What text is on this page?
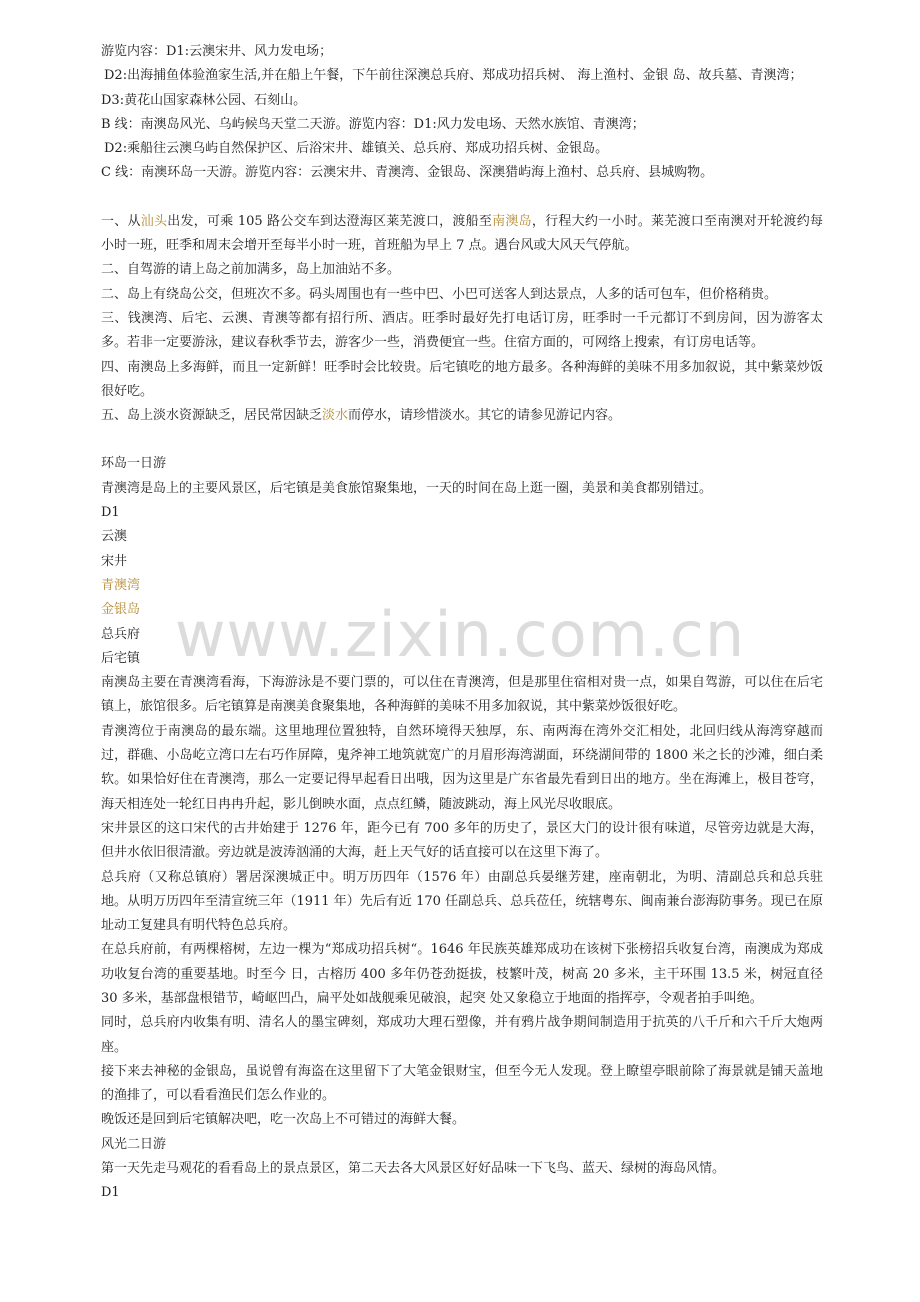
www.zixin.com.cn
游览内容：D1:云澳宋井、风力发电场；
D2:出海捕鱼体验渔家生活,并在船上午餐，下午前往深澳总兵府、郑成功招兵树、 海上渔村、金银 岛、故兵墓、青澳湾；
D3:黄花山国家森林公园、石刻山。
B 线：南澳岛风光、乌屿候鸟天堂二天游。游览内容：D1:风力发电场、天然水族馆、青澳湾；
D2:乘船往云澳乌屿自然保护区、后浴宋井、雄镇关、总兵府、郑成功招兵树、金银岛。
C 线：南澳环岛一天游。游览内容：云澳宋井、青澳湾、金银岛、深澳猎屿海上渔村、总兵府、县城购物。
一、从汕头出发，可乘 105 路公交车到达澄海区莱芜渡口，渡船至南澳岛，行程大约一小时。莱芜渡口至南澳对开轮渡约每小时一班，旺季和周末会增开至每半小时一班，首班船为早上 7 点。遇台风或大风天气停航。
二、自驾游的请上岛之前加满多，岛上加油站不多。
二、岛上有绕岛公交，但班次不多。码头周围也有一些中巴、小巴可送客人到达景点，人多的话可包车，但价格稍贵。
三、钱澳湾、后宅、云澳、青澳等都有招行所、酒店。旺季时最好先打电话订房，旺季时一千元都订不到房间，因为游客太多。若非一定要游泳，建议春秋季节去，游客少一些，消费便宜一些。住宿方面的，可网络上搜索，有订房电话等。
四、南澳岛上多海鲜，而且一定新鲜！旺季时会比较贵。后宅镇吃的地方最多。各种海鲜的美味不用多加叙说，其中紫菜炒饭很好吃。
五、岛上淡水资源缺乏，居民常因缺乏淡水而停水，请珍惜淡水。其它的请参见游记内容。
环岛一日游
青澳湾是岛上的主要风景区，后宅镇是美食旅馆聚集地，一天的时间在岛上逛一圈，美景和美食都别错过。
D1
云澳
宋井
青澳湾
金银岛
总兵府
后宅镇
南澳岛主要在青澳湾看海，下海游泳是不要门票的，可以住在青澳湾，但是那里住宿相对贵一点，如果自驾游，可以住在后宅镇上，旅馆很多。后宅镇算是南澳美食聚集地，各种海鲜的美味不用多加叙说，其中紫菜炒饭很好吃。
青澳湾位于南澳岛的最东端。这里地理位置独特，自然环境得天独厚，东、南两海在湾外交汇相处，北回归线从海湾穿越而过，群礁、小岛屹立湾口左右巧作屏障，鬼斧神工地筑就宽广的月眉形海湾湖面，环绕湖间带的 1800 米之长的沙滩，细白柔软。如果恰好住在青澳湾，那么一定要记得早起看日出哦，因为这里是广东省最先看到日出的地方。坐在海滩上，极目苍穹，海天相连处一轮红日冉冉升起，影儿倒映水面，点点红鳞，随波跳动，海上风光尽收眼底。
宋井景区的这口宋代的古井始建于 1276 年，距今已有 700 多年的历史了，景区大门的设计很有味道，尽管旁边就是大海，但井水依旧很清澈。旁边就是波涛汹涌的大海，赶上天气好的话直接可以在这里下海了。
总兵府（又称总镇府）署居深澳城正中。明万历四年（1576 年）由副总兵晏继芳建，座南朝北，为明、清副总兵和总兵驻地。从明万历四年至清宣统三年（1911 年）先后有近 170 任副总兵、总兵莅任，统辖粤东、闽南兼台澎海防事务。现已在原址动工复建具有明代特色总兵府。
在总兵府前，有两棵榕树，左边一棵为“郑成功招兵树“。1646 年民族英雄郑成功在该树下张榜招兵收复台湾，南澳成为郑成功收复台湾的重要基地。时至今 日，古榕历 400 多年仍苍劲挺拔，枝繁叶茂，树高 20 多米，主干环围 13.5 米，树冠直径 30 多米，基部盘根错节，崎岖凹凸，扁平处如战舰乘见破浪，起突 处又象稳立于地面的指挥亭，令观者拍手叫绝。
同时，总兵府内收集有明、清名人的墨宝碑刻，郑成功大理石塑像，并有鸦片战争期间制造用于抗英的八千斤和六千斤大炮两座。
接下来去神秘的金银岛，虽说曾有海盗在这里留下了大笔金银财宝，但至今无人发现。登上瞭望亭眼前除了海景就是铺天盖地的渔排了，可以看看渔民们怎么作业的。
晚饭还是回到后宅镇解决吧，吃一次岛上不可错过的海鲜大餐。
风光二日游
第一天先走马观花的看看岛上的景点景区，第二天去各大风景区好好品味一下飞鸟、蓝天、绿树的海岛风情。
D1
